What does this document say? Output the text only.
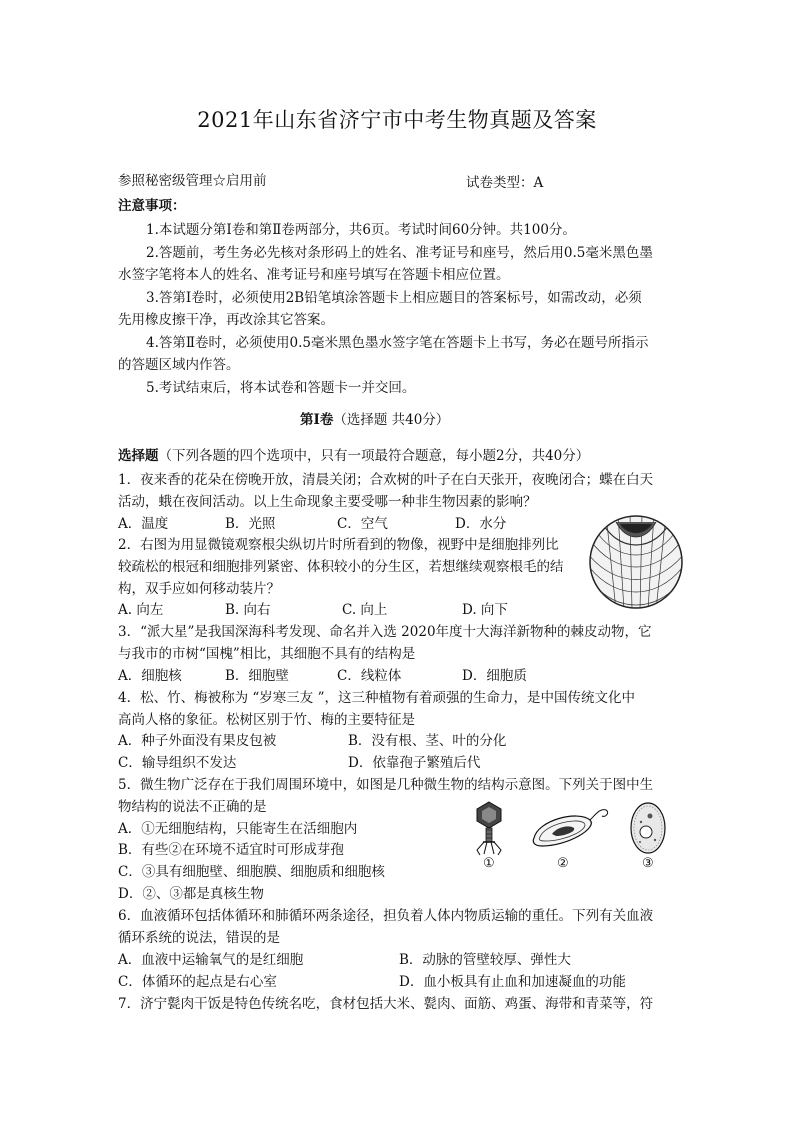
2021年山东省济宁市中考生物真题及答案
参照秘密级管理☆启用前	试卷类型：A
注意事项：
1.本试题分第Ⅰ卷和第Ⅱ卷两部分，共6页。考试时间60分钟。共100分。
2.答题前，考生务必先核对条形码上的姓名、准考证号和座号，然后用0.5毫米黑色墨
水签字笔将本人的姓名、准考证号和座号填写在答题卡相应位置。
3.答第Ⅰ卷时，必须使用2B铅笔填涂答题卡上相应题目的答案标号，如需改动，必须
先用橡皮擦干净，再改涂其它答案。
4.答第Ⅱ卷时，必须使用0.5毫米黑色墨水签字笔在答题卡上书写，务必在题号所指示
的答题区域内作答。
5.考试结束后，将本试卷和答题卡一并交回。
第Ⅰ卷（选择题 共40分）
选择题（下列各题的四个选项中，只有一项最符合题意，每小题2分，共40分）
1．夜来香的花朵在傍晚开放，清晨关闭；合欢树的叶子在白天张开，夜晚闭合；蝶在白天
活动，蛾在夜间活动。以上生命现象主要受哪一种非生物因素的影响？
A．温度	B．光照	C．空气	D．水分
2．右图为用显微镜观察根尖纵切片时所看到的物像，视野中是细胞排列比
较疏松的根冠和细胞排列紧密、体积较小的分生区，若想继续观察根毛的结
构，双手应如何移动装片？
A. 向左	B. 向右	C. 向上	D. 向下
3．“派大星”是我国深海科考发现、命名并入选 2020年度十大海洋新物种的棘皮动物，它
与我市的市树“国槐”相比，其细胞不具有的结构是
A．细胞核	B．细胞壁	C．线粒体	D．细胞质
4．松、竹、梅被称为 “岁寒三友 ”，这三种植物有着顽强的生命力，是中国传统文化中
高尚人格的象征。松树区别于竹、梅的主要特征是
A．种子外面没有果皮包被	B．没有根、茎、叶的分化
C．输导组织不发达	D．依靠孢子繁殖后代
5．微生物广泛存在于我们周围环境中，如图是几种微生物的结构示意图。下列关于图中生
物结构的说法不正确的是
A．①无细胞结构，只能寄生在活细胞内
B．有些②在环境不适宜时可形成芽孢
C．③具有细胞壁、细胞膜、细胞质和细胞核
D．②、③都是真核生物
①	②	③
6．血液循环包括体循环和肺循环两条途径，担负着人体内物质运输的重任。下列有关血液
循环系统的说法，错误的是
A．血液中运输氧气的是红细胞	B．动脉的管壁较厚、弹性大
C．体循环的起点是右心室	D．血小板具有止血和加速凝血的功能
7．济宁甏肉干饭是特色传统名吃，食材包括大米、甏肉、面筋、鸡蛋、海带和青菜等，符
